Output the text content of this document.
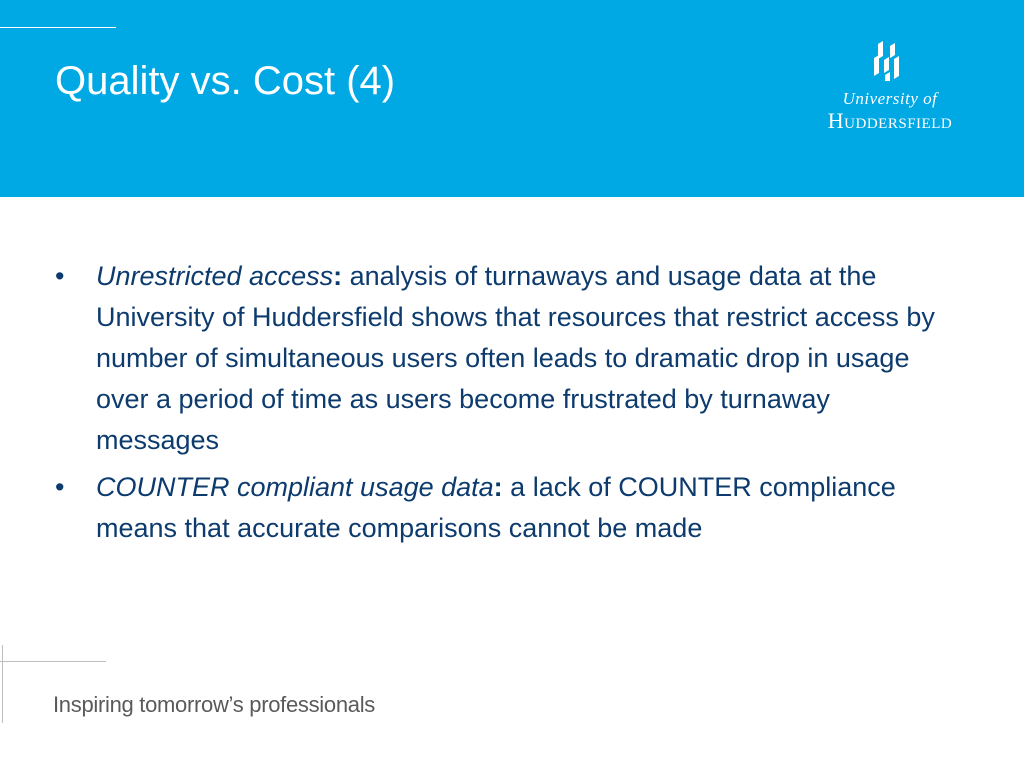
Quality vs. Cost (4)	University of
Huddersfield
•	Unrestricted access: analysis of turnaways and usage data at the University of Huddersfield shows that resources that restrict access by number of simultaneous users often leads to dramatic drop in usage over a period of time as users become frustrated by turnaway messages
•	COUNTER compliant usage data: a lack of COUNTER compliance means that accurate comparisons cannot be made
Inspiring tomorrow’s professionals
